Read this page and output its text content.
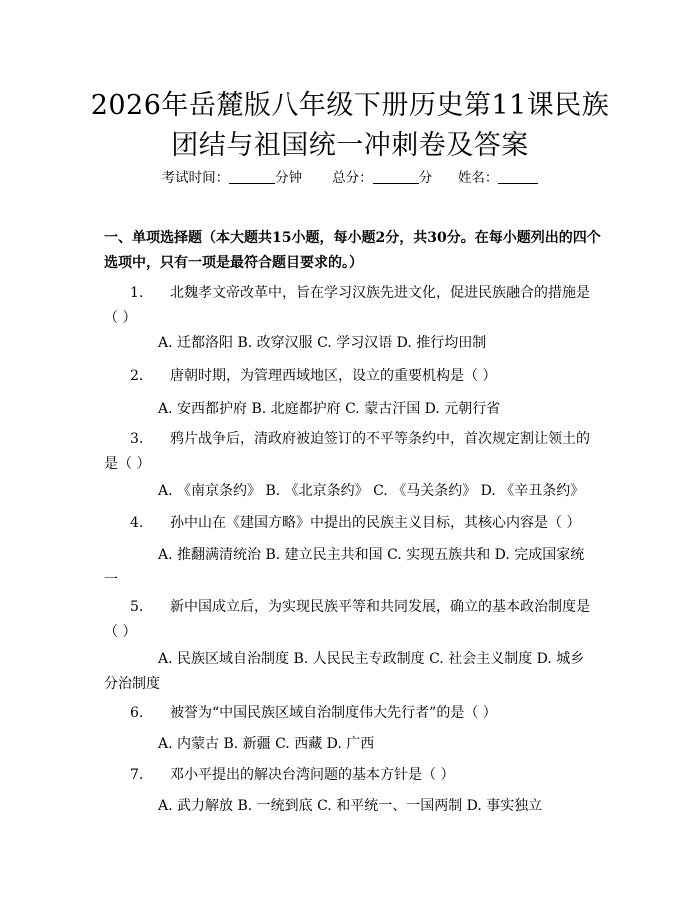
2026年岳麓版八年级下册历史第11课民族
团结与祖国统一冲刺卷及答案
考试时间：	分钟 总分：	分 姓名：
一、单项选择题（本大题共15小题，每小题2分，共30分。在每小题列出的四个选项中，只有一项是最符合题目要求的。）
1. 北魏孝文帝改革中，旨在学习汉族先进文化，促进民族融合的措施是（ ）
A. 迁都洛阳 B. 改穿汉服 C. 学习汉语 D. 推行均田制
2. 唐朝时期，为管理西域地区，设立的重要机构是（ ）
A. 安西都护府 B. 北庭都护府 C. 蒙古汗国 D. 元朝行省
3. 鸦片战争后，清政府被迫签订的不平等条约中，首次规定割让领土的是（ ）
A. 《南京条约》 B. 《北京条约》 C. 《马关条约》 D. 《辛丑条约》
4. 孙中山在《建国方略》中提出的民族主义目标，其核心内容是（ ）
A. 推翻满清统治 B. 建立民主共和国 C. 实现五族共和 D. 完成国家统一
5. 新中国成立后，为实现民族平等和共同发展，确立的基本政治制度是（ ）
A. 民族区域自治制度 B. 人民民主专政制度 C. 社会主义制度 D. 城乡分治制度
6. 被誉为“中国民族区域自治制度伟大先行者”的是（ ）
A. 内蒙古 B. 新疆 C. 西藏 D. 广西
7. 邓小平提出的解决台湾问题的基本方针是（ ）
A. 武力解放 B. 一统到底 C. 和平统一、一国两制 D. 事实独立
